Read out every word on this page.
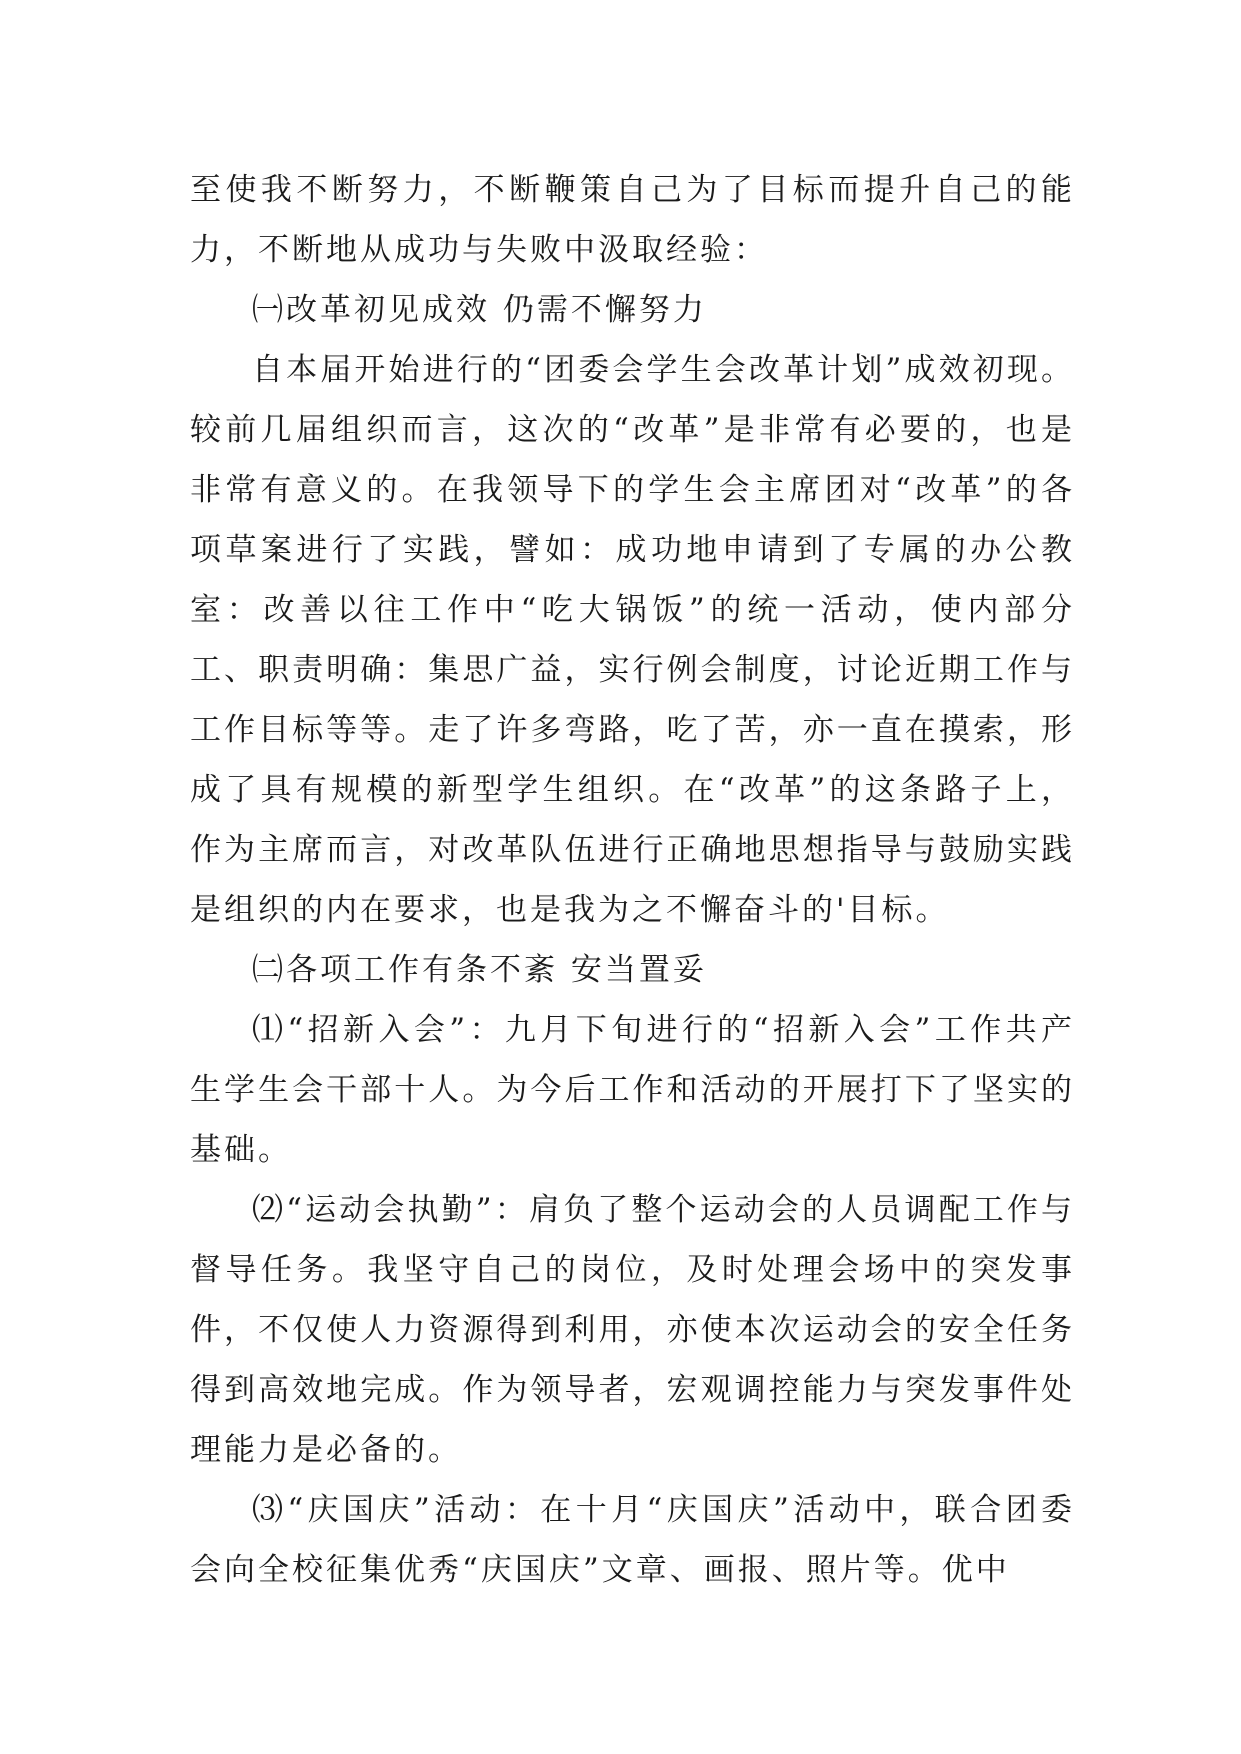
至使我不断努力，不断鞭策自己为了目标而提升自己的能力，不断地从成功与失败中汲取经验：

㈠改革初见成效 仍需不懈努力

自本届开始进行的“团委会学生会改革计划”成效初现。较前几届组织而言，这次的“改革”是非常有必要的，也是非常有意义的。在我领导下的学生会主席团对“改革”的各项草案进行了实践，譬如：成功地申请到了专属的办公教室：改善以往工作中“吃大锅饭”的统一活动，使内部分工、职责明确：集思广益，实行例会制度，讨论近期工作与工作目标等等。走了许多弯路，吃了苦，亦一直在摸索，形成了具有规模的新型学生组织。在“改革”的这条路子上，作为主席而言，对改革队伍进行正确地思想指导与鼓励实践是组织的内在要求，也是我为之不懈奋斗的'目标。

㈡各项工作有条不紊 安当置妥

⑴“招新入会”：九月下旬进行的“招新入会”工作共产生学生会干部十人。为今后工作和活动的开展打下了坚实的基础。

⑵“运动会执勤”：肩负了整个运动会的人员调配工作与督导任务。我坚守自己的岗位，及时处理会场中的突发事件，不仅使人力资源得到利用，亦使本次运动会的安全任务得到高效地完成。作为领导者，宏观调控能力与突发事件处理能力是必备的。

⑶“庆国庆”活动：在十月“庆国庆”活动中，联合团委会向全校征集优秀“庆国庆”文章、画报、照片等。优中
